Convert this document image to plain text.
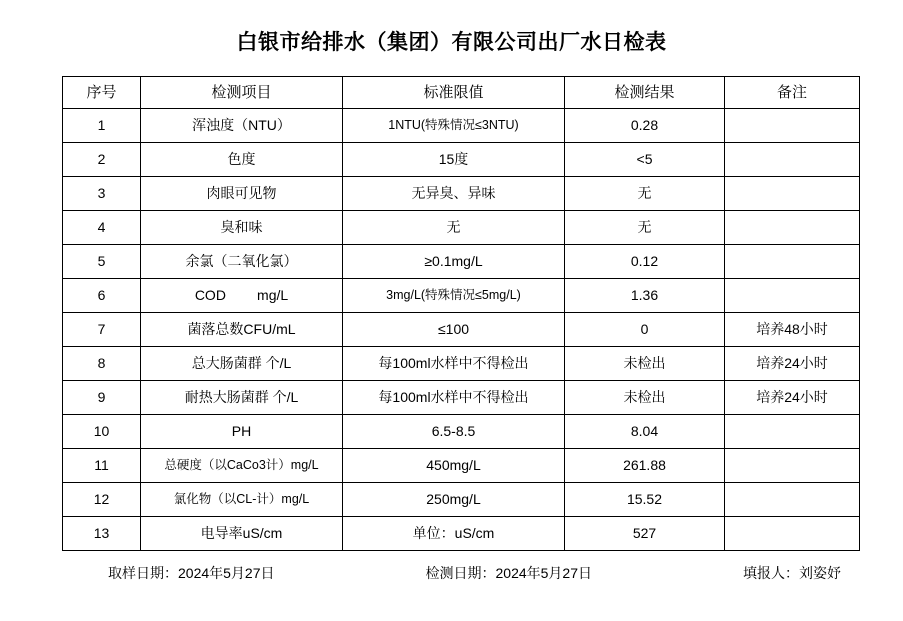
白银市给排水（集团）有限公司出厂水日检表
序号	检测项目	标准限值	检测结果	备注

1	浑浊度（NTU）	1NTU(特殊情况≤3NTU)	0.28	

2	色度	15度	<5	

3	肉眼可见物	无异臭、异味	无	

4	臭和味	无	无	

5	余氯（二氧化氯）	≥0.1mg/L	0.12	

6	COD        mg/L	3mg/L(特殊情况≤5mg/L)	1.36	

7	菌落总数CFU/mL	≤100	0	培养48小时

8	总大肠菌群 个/L	每100ml水样中不得检出	未检出	培养24小时

9	耐热大肠菌群 个/L	每100ml水样中不得检出	未检出	培养24小时

10	PH	6.5-8.5	8.04	

11	总硬度（以CaCo3计）mg/L	450mg/L	261.88	

12	氯化物（以CL-计）mg/L	250mg/L	15.52	

13	电导率uS/cm	单位：uS/cm	527	

取样日期：2024年5月27日	检测日期：2024年5月27日	填报人：刘姿妤
